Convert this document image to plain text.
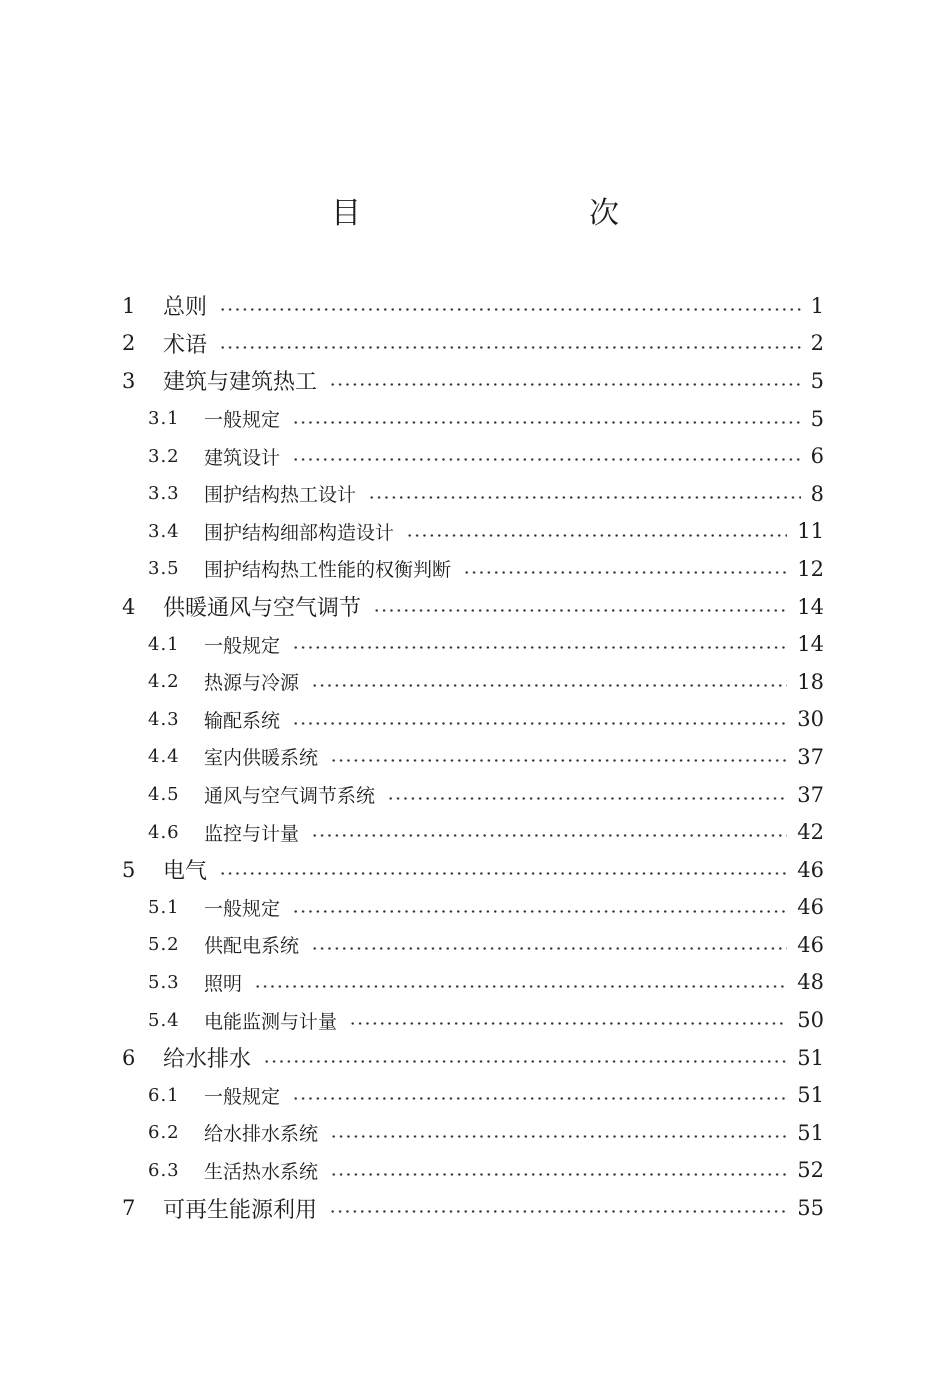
目　　次
1 总则	1
2 术语	2
3 建筑与建筑热工	5
3.1 一般规定	5
3.2 建筑设计	6
3.3 围护结构热工设计	8
3.4 围护结构细部构造设计	11
3.5 围护结构热工性能的权衡判断	12
4 供暖通风与空气调节	14
4.1 一般规定	14
4.2 热源与冷源	18
4.3 输配系统	30
4.4 室内供暖系统	37
4.5 通风与空气调节系统	37
4.6 监控与计量	42
5 电气	46
5.1 一般规定	46
5.2 供配电系统	46
5.3 照明	48
5.4 电能监测与计量	50
6 给水排水	51
6.1 一般规定	51
6.2 给水排水系统	51
6.3 生活热水系统	52
7 可再生能源利用	55
